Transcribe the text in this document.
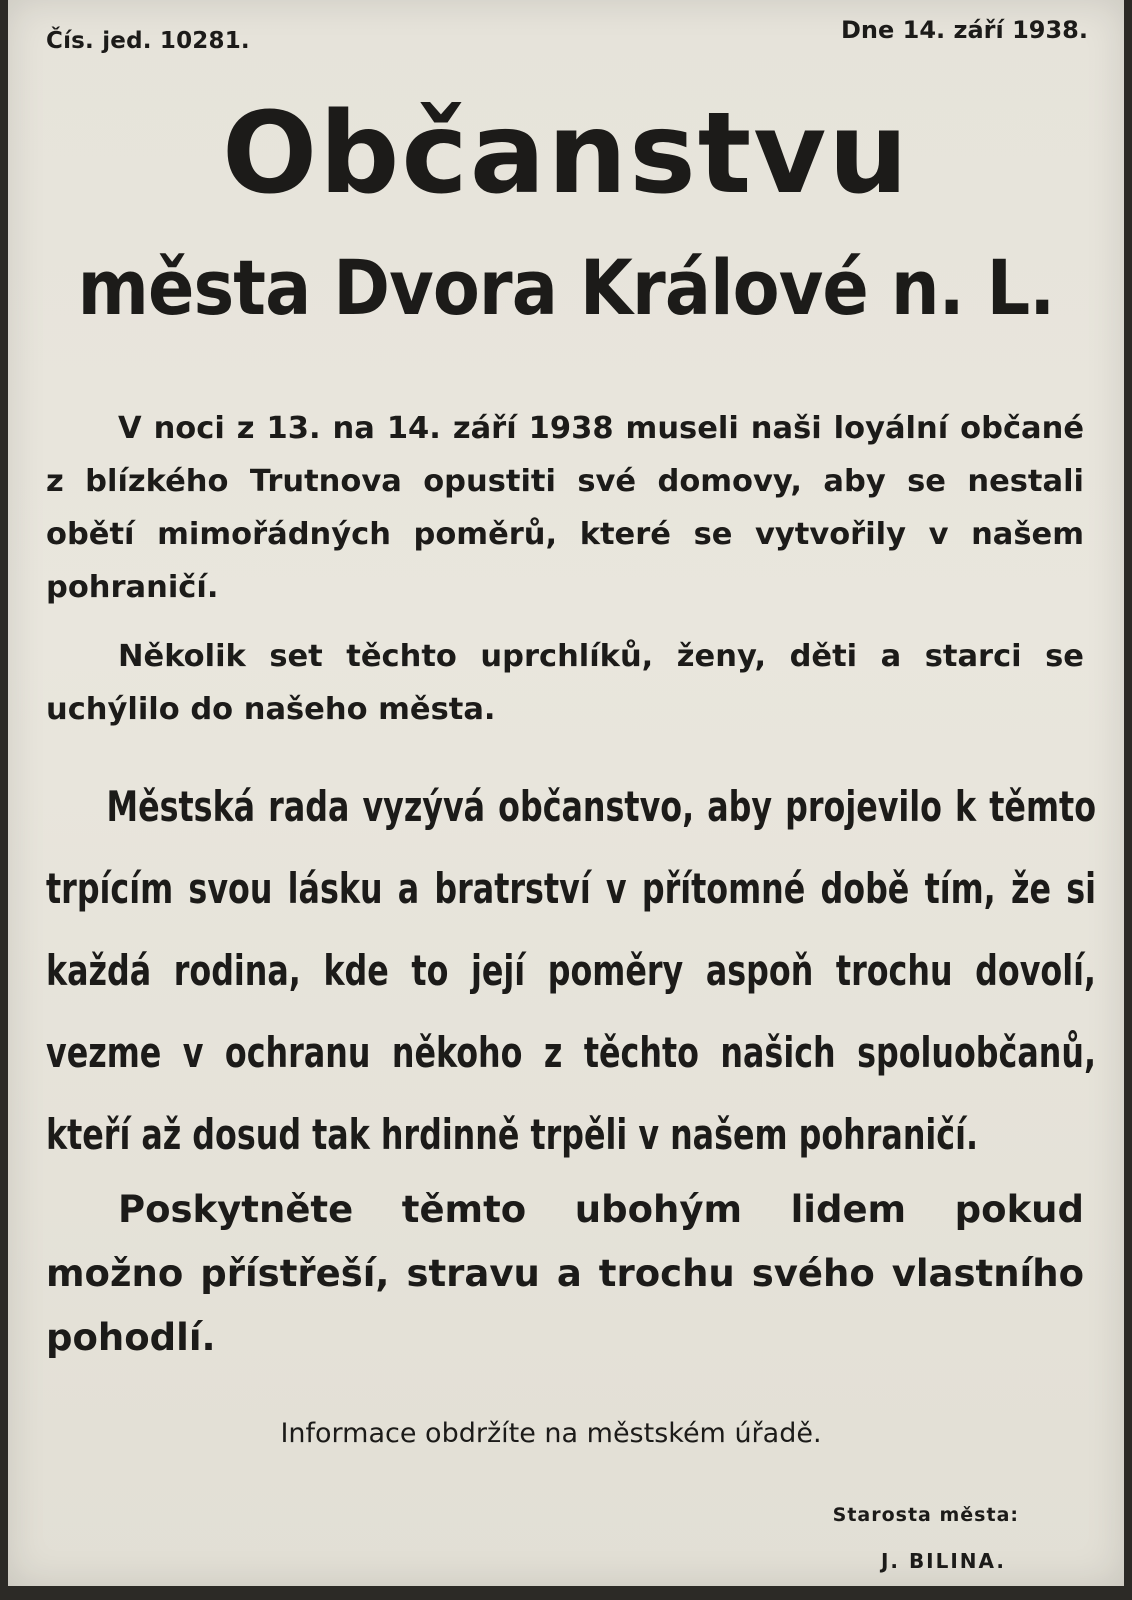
Čís. jed. 10281.	Dne 14. září 1938.
Občanstvu
města Dvora Králové n. L.
V noci z 13. na 14. září 1938 museli naši loyální občané z blízkého Trutnova opustiti své domovy, aby se nestali obětí mimořádných poměrů, které se vytvořily v našem pohraničí.
Několik set těchto uprchlíků, ženy, děti a starci se uchýlilo do našeho města.
Městská rada vyzývá občanstvo, aby projevilo k těmto trpícím svou lásku a bratrství v přítomné době tím, že si každá rodina, kde to její poměry aspoň trochu dovolí, vezme v ochranu někoho z těchto našich spoluobčanů, kteří až dosud tak hrdinně trpěli v našem pohraničí.
Poskytněte těmto ubohým lidem pokud možno přístřeší, stravu a trochu svého vlastního pohodlí.
Informace obdržíte na městském úřadě.
Starosta města:
J. BILINA.
